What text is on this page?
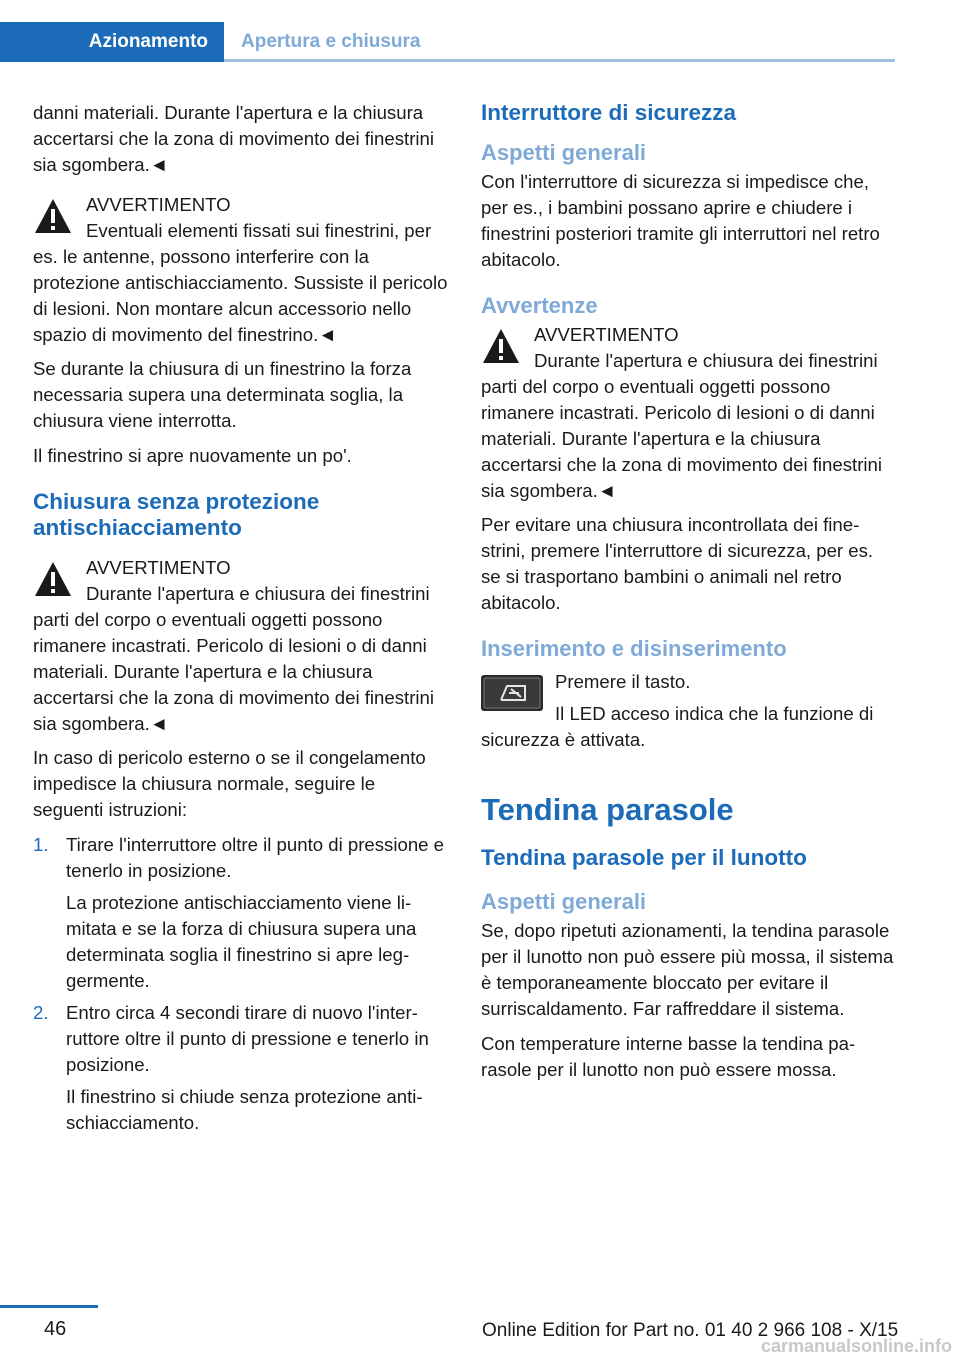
Azionamento	Apertura e chiusura

danni materiali. Durante l'apertura e la chiusura accertarsi che la zona di movimento dei finestrini sia sgombera.◄

AVVERTIMENTO
Eventuali elementi fissati sui finestrini, per es. le antenne, possono interferire con la protezione antischiacciamento. Sussiste il pericolo di lesioni. Non montare alcun accessorio nello spazio di movimento del finestrino.◄

Se durante la chiusura di un finestrino la forza necessaria supera una determinata soglia, la chiusura viene interrotta.

Il finestrino si apre nuovamente un po'.

Chiusura senza protezione antischiacciamento
AVVERTIMENTO
Durante l'apertura e chiusura dei finestrini parti del corpo o eventuali oggetti possono rimanere incastrati. Pericolo di lesioni o di danni materiali. Durante l'apertura e la chiusura accertarsi che la zona di movimento dei finestrini sia sgombera.◄

In caso di pericolo esterno o se il congelamento impedisce la chiusura normale, seguire le seguenti istruzioni:

1. Tirare l'interruttore oltre il punto di pressione e tenerlo in posizione.

La protezione antischiacciamento viene limitata e se la forza di chiusura supera una determinata soglia il finestrino si apre leggermente.

2. Entro circa 4 secondi tirare di nuovo l'interruttore oltre il punto di pressione e tenerlo in posizione.

Il finestrino si chiude senza protezione antischiacciamento.

Interruttore di sicurezza
Aspetti generali

Con l'interruttore di sicurezza si impedisce che, per es., i bambini possano aprire e chiudere i finestrini posteriori tramite gli interruttori nel retro abitacolo.

Avvertenze
AVVERTIMENTO
Durante l'apertura e chiusura dei finestrini parti del corpo o eventuali oggetti possono rimanere incastrati. Pericolo di lesioni o di danni materiali. Durante l'apertura e la chiusura accertarsi che la zona di movimento dei finestrini sia sgombera.◄

Per evitare una chiusura incontrollata dei finestrini, premere l'interruttore di sicurezza, per es. se si trasportano bambini o animali nel retro abitacolo.

Inserimento e disinserimento

Premere il tasto.

Il LED acceso indica che la funzione di sicurezza è attivata.

Tendina parasole
Tendina parasole per il lunotto
Aspetti generali

Se, dopo ripetuti azionamenti, la tendina parasole per il lunotto non può essere più mossa, il sistema è temporaneamente bloccato per evitare il surriscaldamento. Far raffreddare il sistema.

Con temperature interne basse la tendina parasole per il lunotto non può essere mossa.

46	Online Edition for Part no. 01 40 2 966 108 - X/15
carmanualsonline.info
